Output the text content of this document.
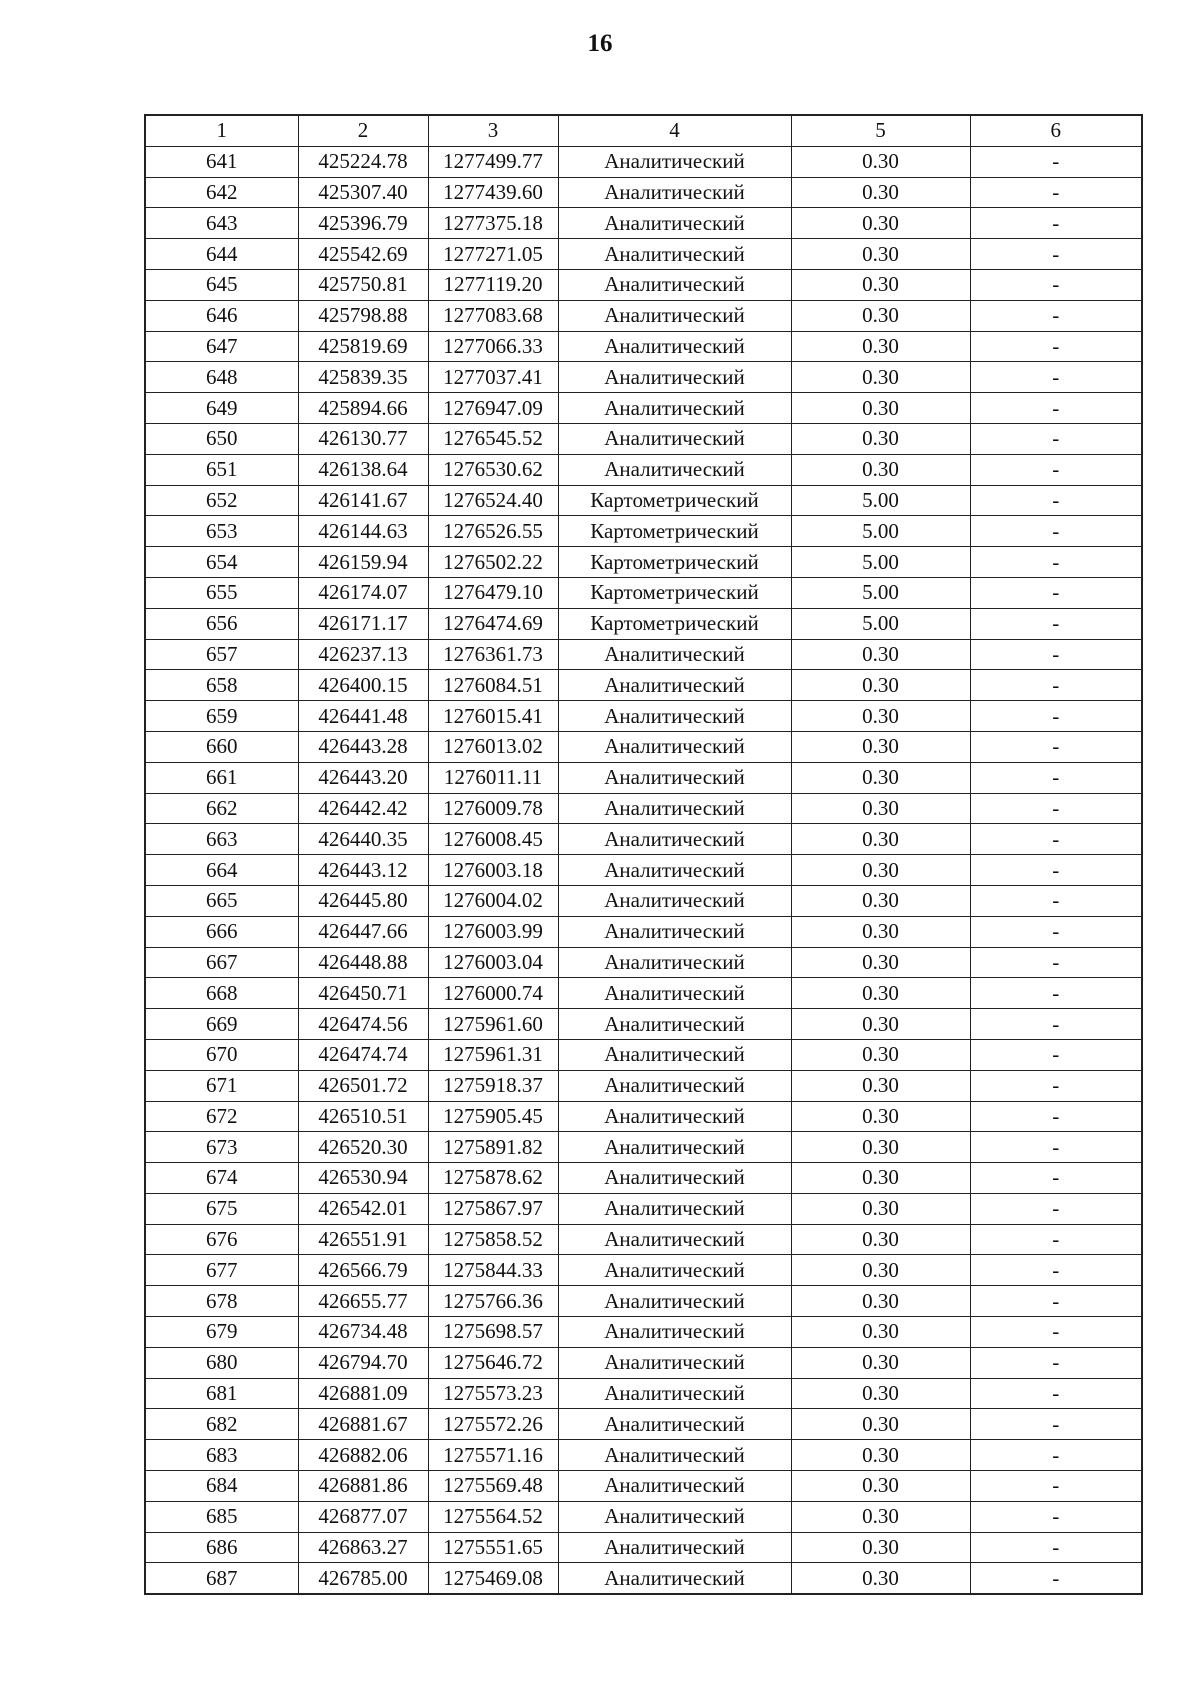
16
1	2	3	4	5	6
641	425224.78	1277499.77	Аналитический	0.30	-
642	425307.40	1277439.60	Аналитический	0.30	-
643	425396.79	1277375.18	Аналитический	0.30	-
644	425542.69	1277271.05	Аналитический	0.30	-
645	425750.81	1277119.20	Аналитический	0.30	-
646	425798.88	1277083.68	Аналитический	0.30	-
647	425819.69	1277066.33	Аналитический	0.30	-
648	425839.35	1277037.41	Аналитический	0.30	-
649	425894.66	1276947.09	Аналитический	0.30	-
650	426130.77	1276545.52	Аналитический	0.30	-
651	426138.64	1276530.62	Аналитический	0.30	-
652	426141.67	1276524.40	Картометрический	5.00	-
653	426144.63	1276526.55	Картометрический	5.00	-
654	426159.94	1276502.22	Картометрический	5.00	-
655	426174.07	1276479.10	Картометрический	5.00	-
656	426171.17	1276474.69	Картометрический	5.00	-
657	426237.13	1276361.73	Аналитический	0.30	-
658	426400.15	1276084.51	Аналитический	0.30	-
659	426441.48	1276015.41	Аналитический	0.30	-
660	426443.28	1276013.02	Аналитический	0.30	-
661	426443.20	1276011.11	Аналитический	0.30	-
662	426442.42	1276009.78	Аналитический	0.30	-
663	426440.35	1276008.45	Аналитический	0.30	-
664	426443.12	1276003.18	Аналитический	0.30	-
665	426445.80	1276004.02	Аналитический	0.30	-
666	426447.66	1276003.99	Аналитический	0.30	-
667	426448.88	1276003.04	Аналитический	0.30	-
668	426450.71	1276000.74	Аналитический	0.30	-
669	426474.56	1275961.60	Аналитический	0.30	-
670	426474.74	1275961.31	Аналитический	0.30	-
671	426501.72	1275918.37	Аналитический	0.30	-
672	426510.51	1275905.45	Аналитический	0.30	-
673	426520.30	1275891.82	Аналитический	0.30	-
674	426530.94	1275878.62	Аналитический	0.30	-
675	426542.01	1275867.97	Аналитический	0.30	-
676	426551.91	1275858.52	Аналитический	0.30	-
677	426566.79	1275844.33	Аналитический	0.30	-
678	426655.77	1275766.36	Аналитический	0.30	-
679	426734.48	1275698.57	Аналитический	0.30	-
680	426794.70	1275646.72	Аналитический	0.30	-
681	426881.09	1275573.23	Аналитический	0.30	-
682	426881.67	1275572.26	Аналитический	0.30	-
683	426882.06	1275571.16	Аналитический	0.30	-
684	426881.86	1275569.48	Аналитический	0.30	-
685	426877.07	1275564.52	Аналитический	0.30	-
686	426863.27	1275551.65	Аналитический	0.30	-
687	426785.00	1275469.08	Аналитический	0.30	-
